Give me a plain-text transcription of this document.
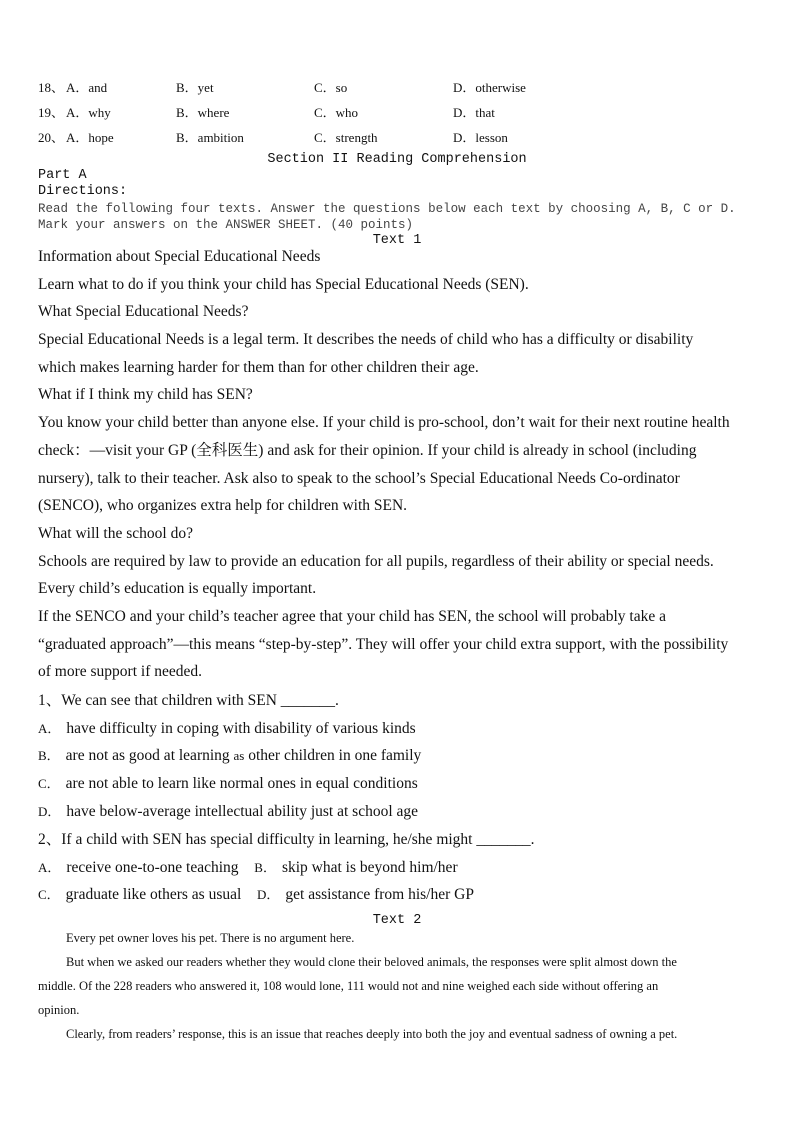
18、 A．and	B．yet	C．so	D．otherwise
19、 A．why	B．where	C．who	D．that
20、 A．hope	B．ambition	C．strength	D．lesson
Section II Reading Comprehension
Part A
Directions:
Read the following four texts. Answer the questions below each text by choosing A, B, C or D. Mark your answers on the ANSWER SHEET. (40 points)
Text 1
Information about Special Educational Needs
Learn what to do if you think your child has Special Educational Needs (SEN).
What Special Educational Needs?
Special Educational Needs is a legal term. It describes the needs of child who has a difficulty or disability
which makes learning harder for them than for other children their age.
What if I think my child has SEN?
You know your child better than anyone else. If your child is pro-school, don’t wait for their next routine health
check：—visit your GP (全科医生) and ask for their opinion. If your child is already in school (including
nursery), talk to their teacher. Ask also to speak to the school’s Special Educational Needs Co-ordinator
(SENCO), who organizes extra help for children with SEN.
What will the school do?
Schools are required by law to provide an education for all pupils, regardless of their ability or special needs.
Every child’s education is equally important.
If the SENCO and your child’s teacher agree that your child has SEN, the school will probably take a
“graduated approach”—this means “step-by-step”. They will offer your child extra support, with the possibility
of more support if needed.
1、We can see that children with SEN _______.
A． have difficulty in coping with disability of various kinds
B． are not as good at learning as other children in one family
C． are not able to learn like normal ones in equal conditions
D． have below-average intellectual ability just at school age
2、If a child with SEN has special difficulty in learning, he/she might _______.
A． receive one-to-one teaching B． skip what is beyond him/her
C． graduate like others as usual D． get assistance from his/her GP
Text 2
Every pet owner loves his pet. There is no argument here.
But when we asked our readers whether they would clone their beloved animals, the responses were split almost down the
middle. Of the 228 readers who answered it, 108 would lone, 111 would not and nine weighed each side without offering an
opinion.
Clearly, from readers’ response, this is an issue that reaches deeply into both the joy and eventual sadness of owning a pet.
